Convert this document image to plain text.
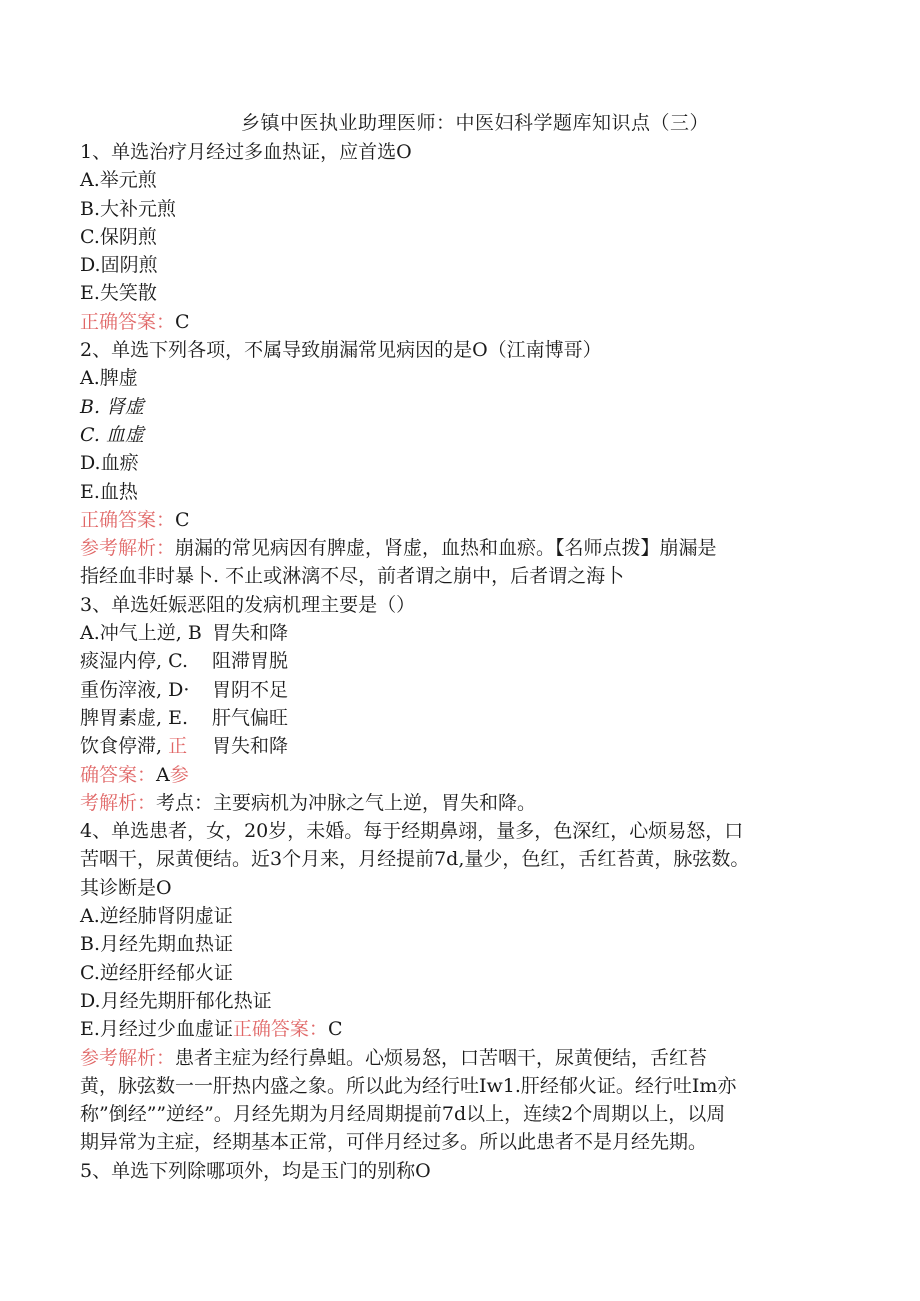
乡镇中医执业助理医师：中医妇科学题库知识点（三）
1、单选治疗月经过多血热证，应首选O
A.举元煎
B.大补元煎
C.保阴煎
D.固阴煎
E.失笑散
正确答案：C
2、单选下列各项，不属导致崩漏常见病因的是O（江南博哥）
A.脾虚
B. 肾虚
C. 血虚
D.血瘀
E.血热
正确答案：C
参考解析：崩漏的常见病因有脾虚，肾虚，血热和血瘀。【名师点拨】崩漏是
指经血非时暴卜. 不止或淋漓不尽，前者谓之崩中，后者谓之海卜
3、单选妊娠恶阻的发病机理主要是（）
A.冲气上逆, B 胃失和降
痰湿内停, C.	阻滞胃脱
重伤滓液, D·	胃阴不足
脾胃素虚, E.	肝气偏旺
饮食停滞, 正	胃失和降
确答案：A参
考解析：考点：主要病机为冲脉之气上逆，胃失和降。
4、单选患者，女，20岁，未婚。每于经期鼻翊，量多，色深红，心烦易怒，口
苦咽干，尿黄便结。近3个月来，月经提前7d,量少，色红，舌红苔黄，脉弦数。
其诊断是O
A.逆经肺肾阴虚证
B.月经先期血热证
C.逆经肝经郁火证
D.月经先期肝郁化热证
E.月经过少血虚证正确答案：C
参考解析：患者主症为经行鼻蛆。心烦易怒，口苦咽干，尿黄便结，舌红苔
黄，脉弦数一一肝热内盛之象。所以此为经行吐Iw1.肝经郁火证。经行吐Im亦
称”倒经””逆经”。月经先期为月经周期提前7d以上，连续2个周期以上，以周
期异常为主症，经期基本正常，可伴月经过多。所以此患者不是月经先期。
5、单选下列除哪项外，均是玉门的别称O
